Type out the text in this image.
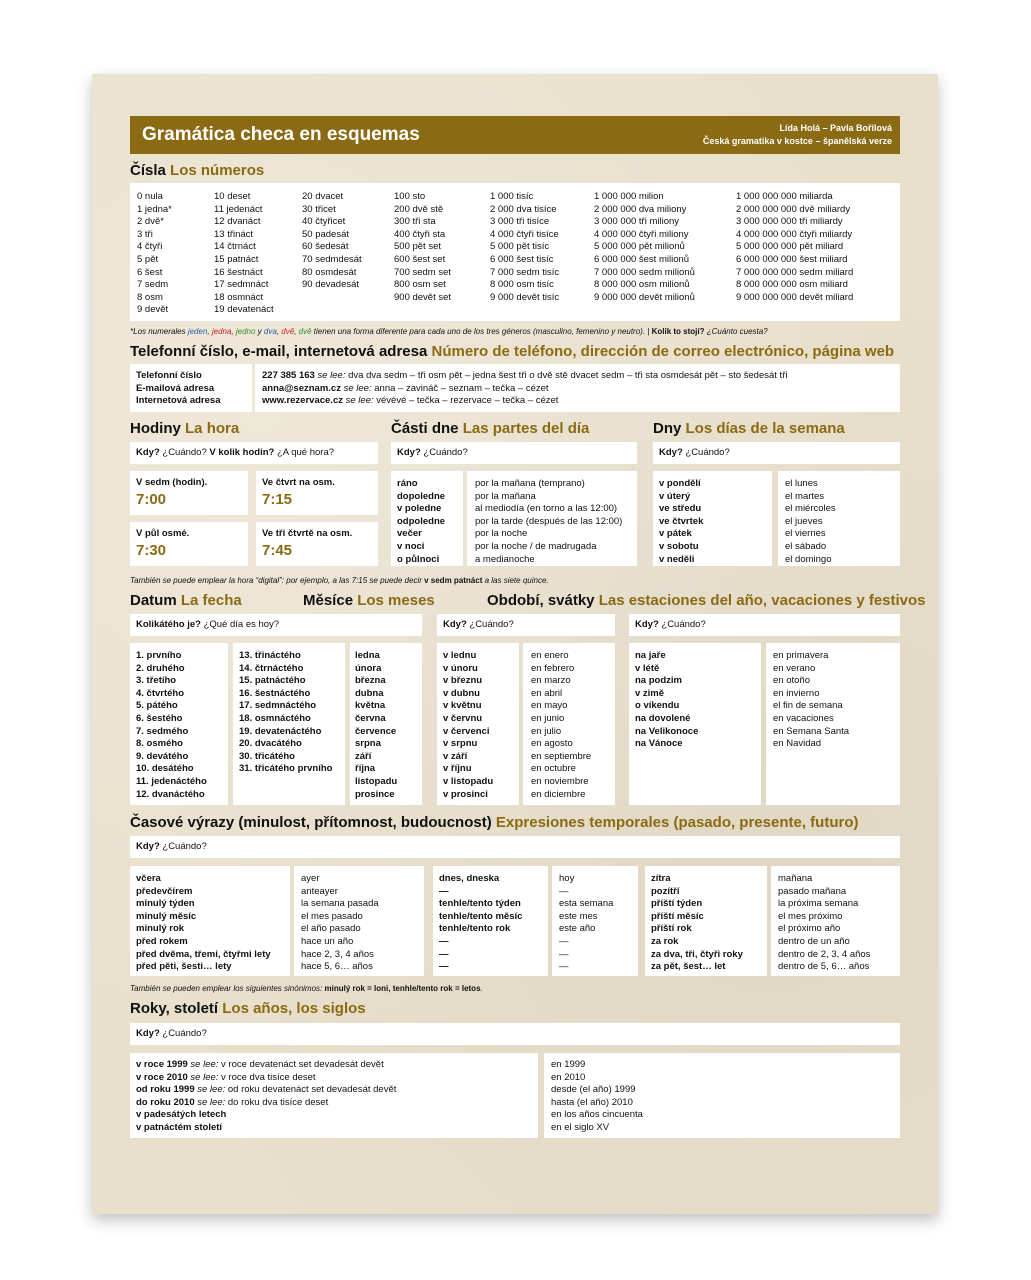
Gramática checa en esquemas	Lída Holá – Pavla Bořilová
Česká gramatika v kostce – španělská verze
Čísla Los números
0 nula
1 jedna*
2 dvě*
3 tři
4 čtyři
5 pět
6 šest
7 sedm
8 osm
9 devět
10 deset
11 jedenáct
12 dvanáct
13 třináct
14 čtrnáct
15 patnáct
16 šestnáct
17 sedmnáct
18 osmnáct
19 devatenáct
20 dvacet
30 třicet
40 čtyřicet
50 padesát
60 šedesát
70 sedmdesát
80 osmdesát
90 devadesát
100 sto
200 dvě stě
300 tři sta
400 čtyři sta
500 pět set
600 šest set
700 sedm set
800 osm set
900 devět set
1 000 tisíc
2 000 dva tisíce
3 000 tři tisíce
4 000 čtyři tisíce
5 000 pět tisíc
6 000 šest tisíc
7 000 sedm tisíc
8 000 osm tisíc
9 000 devět tisíc
1 000 000 milion
2 000 000 dva miliony
3 000 000 tři miliony
4 000 000 čtyři miliony
5 000 000 pět milionů
6 000 000 šest milionů
7 000 000 sedm milionů
8 000 000 osm milionů
9 000 000 devět milionů
1 000 000 000 miliarda
2 000 000 000 dvě miliardy
3 000 000 000 tři miliardy
4 000 000 000 čtyři miliardy
5 000 000 000 pět miliard
6 000 000 000 šest miliard
7 000 000 000 sedm miliard
8 000 000 000 osm miliard
9 000 000 000 devět miliard
*Los numerales jeden, jedna, jedno y dva, dvě, dvě tienen una forma diferente para cada uno de los tres géneros (masculino, femenino y neutro). | Kolik to stojí? ¿Cuánto cuesta?
Telefonní číslo, e-mail, internetová adresa Número de teléfono, dirección de correo electrónico, página web
Telefonní číslo
E-mailová adresa
Internetová adresa
227 385 163 se lee: dva dva sedm – tři osm pět – jedna šest tři o dvě stě dvacet sedm – tři sta osmdesát pět – sto šedesát tři
anna@seznam.cz se lee: anna – zavináč – seznam – tečka – cézet
www.rezervace.cz se lee: vévévé – tečka – rezervace – tečka – cézet
Hodiny La hora
Kdy? ¿Cuándo? V kolik hodin? ¿A qué hora?
V sedm (hodin).
7:00
Ve čtvrt na osm.
7:15
V půl osmé.
7:30
Ve tři čtvrtě na osm.
7:45
Části dne Las partes del día
Kdy? ¿Cuándo?
ráno
dopoledne
v poledne
odpoledne
večer
v noci
o půlnoci
por la mañana (temprano)
por la mañana
al mediodía (en torno a las 12:00)
por la tarde (después de las 12:00)
por la noche
por la noche / de madrugada
a medianoche
Dny Los días de la semana
Kdy? ¿Cuándo?
v pondělí
v úterý
ve středu
ve čtvrtek
v pátek
v sobotu
v neděli
el lunes
el martes
el miércoles
el jueves
el viernes
el sábado
el domingo
También se puede emplear la hora “digital”: por ejemplo, a las 7:15 se puede decir v sedm patnáct a las siete quince.
Datum La fecha	Měsíce Los meses
Kolikátého je? ¿Qué día es hoy?
1. prvního
2. druhého
3. třetího
4. čtvrtého
5. pátého
6. šestého
7. sedmého
8. osmého
9. devátého
10. desátého
11. jedenáctého
12. dvanáctého
13. třináctého
14. čtrnáctého
15. patnáctého
16. šestnáctého
17. sedmnáctého
18. osmnáctého
19. devatenáctého
20. dvacátého
30. třicátého
31. třicátého prvního
ledna
února
března
dubna
května
června
července
srpna
září
října
listopadu
prosince
Období, svátky Las estaciones del año, vacaciones y festivos
Kdy? ¿Cuándo?
v lednu
v únoru
v březnu
v dubnu
v květnu
v červnu
v červenci
v srpnu
v září
v říjnu
v listopadu
v prosinci
en enero
en febrero
en marzo
en abril
en mayo
en junio
en julio
en agosto
en septiembre
en octubre
en noviembre
en diciembre
Kdy? ¿Cuándo?
na jaře
v létě
na podzim
v zimě
o víkendu
na dovolené
na Velikonoce
na Vánoce
en primavera
en verano
en otoño
en invierno
el fin de semana
en vacaciones
en Semana Santa
en Navidad
Časové výrazy (minulost, přítomnost, budoucnost) Expresiones temporales (pasado, presente, futuro)
Kdy? ¿Cuándo?
včera
předevčírem
minulý týden
minulý měsíc
minulý rok
před rokem
před dvěma, třemi, čtyřmi lety
před pěti, šesti… lety
ayer
anteayer
la semana pasada
el mes pasado
el año pasado
hace un año
hace 2, 3, 4 años
hace 5, 6… años
dnes, dneska
—
tenhle/tento týden
tenhle/tento měsíc
tenhle/tento rok
—
—
—
hoy
—
esta semana
este mes
este año
—
—
—
zítra
pozítří
příští týden
příští měsíc
příští rok
za rok
za dva, tři, čtyři roky
za pět, šest… let
mañana
pasado mañana
la próxima semana
el mes próximo
el próximo año
dentro de un año
dentro de 2, 3, 4 años
dentro de 5, 6… años
También se pueden emplear los siguientes sinónimos: minulý rok = loni, tenhle/tento rok = letos.
Roky, století Los años, los siglos
Kdy? ¿Cuándo?
v roce 1999 se lee: v roce devatenáct set devadesát devět
v roce 2010 se lee: v roce dva tisíce deset
od roku 1999 se lee: od roku devatenáct set devadesát devět
do roku 2010 se lee: do roku dva tisíce deset
v padesátých letech
v patnáctém století
en 1999
en 2010
desde (el año) 1999
hasta (el año) 2010
en los años cincuenta
en el siglo XV
